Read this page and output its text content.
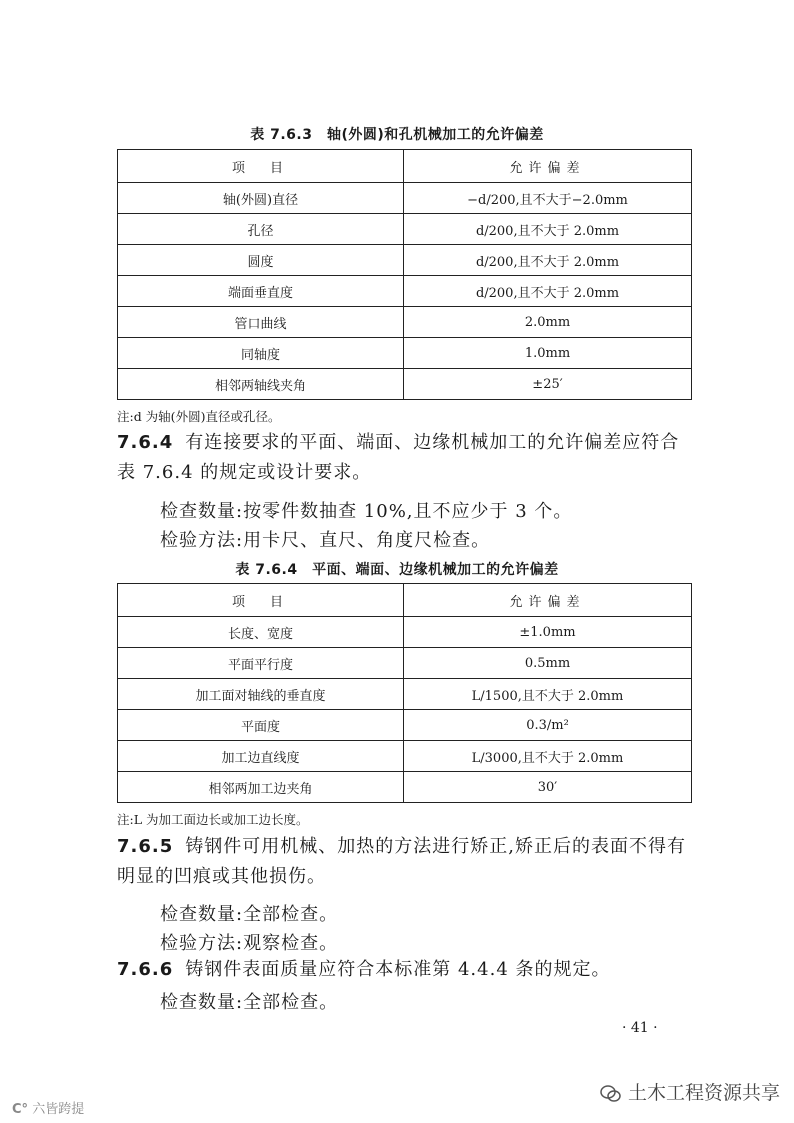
表 7.6.3　轴(外圆)和孔机械加工的允许偏差
项　目	允许偏差
轴(外圆)直径	−d/200,且不大于−2.0mm
孔径	d/200,且不大于 2.0mm
圆度	d/200,且不大于 2.0mm
端面垂直度	d/200,且不大于 2.0mm
管口曲线	2.0mm
同轴度	1.0mm
相邻两轴线夹角	±25′
注:d 为轴(外圆)直径或孔径。
7.6.4 有连接要求的平面、端面、边缘机械加工的允许偏差应符合表 7.6.4 的规定或设计要求。
检查数量:按零件数抽查 10%,且不应少于 3 个。
检验方法:用卡尺、直尺、角度尺检查。
表 7.6.4　平面、端面、边缘机械加工的允许偏差
项　目	允许偏差
长度、宽度	±1.0mm
平面平行度	0.5mm
加工面对轴线的垂直度	L/1500,且不大于 2.0mm
平面度	0.3/m²
加工边直线度	L/3000,且不大于 2.0mm
相邻两加工边夹角	30′
注:L 为加工面边长或加工边长度。
7.6.5 铸钢件可用机械、加热的方法进行矫正,矫正后的表面不得有明显的凹痕或其他损伤。
检查数量:全部检查。
检验方法:观察检查。
7.6.6 铸钢件表面质量应符合本标准第 4.4.4 条的规定。
检查数量:全部检查。
· 41 ·
土木工程资源共享
C° 六皆跨提
